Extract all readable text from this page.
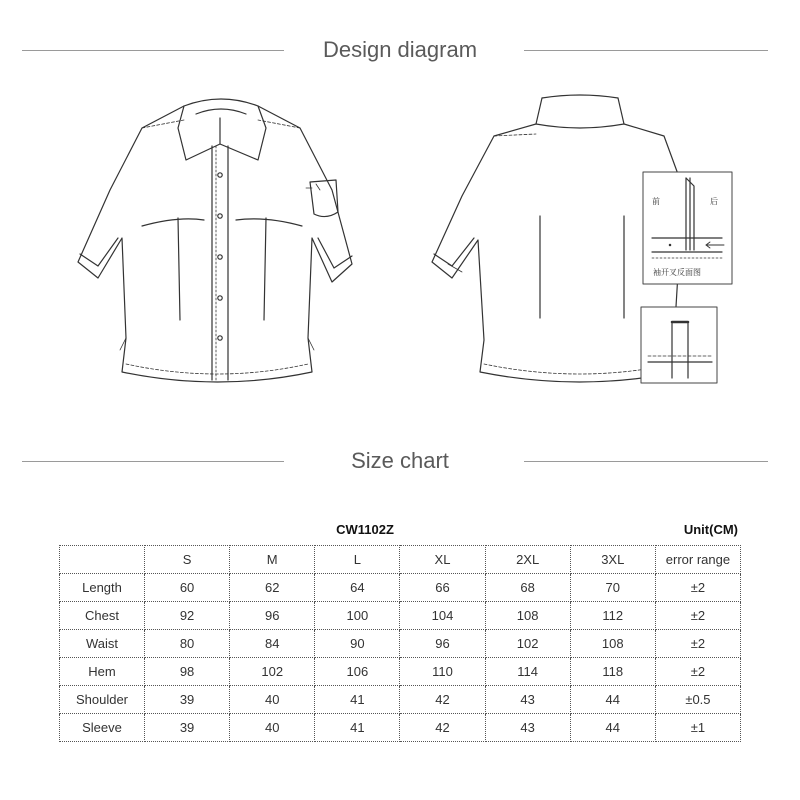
Design diagram
前	后
袖开叉反面图
Size chart
CW1102Z	Unit(CM)
	S	M	L	XL	2XL	3XL	error range
Length	60	62	64	66	68	70	±2
Chest	92	96	100	104	108	112	±2
Waist	80	84	90	96	102	108	±2
Hem	98	102	106	110	114	118	±2
Shoulder	39	40	41	42	43	44	±0.5
Sleeve	39	40	41	42	43	44	±1
